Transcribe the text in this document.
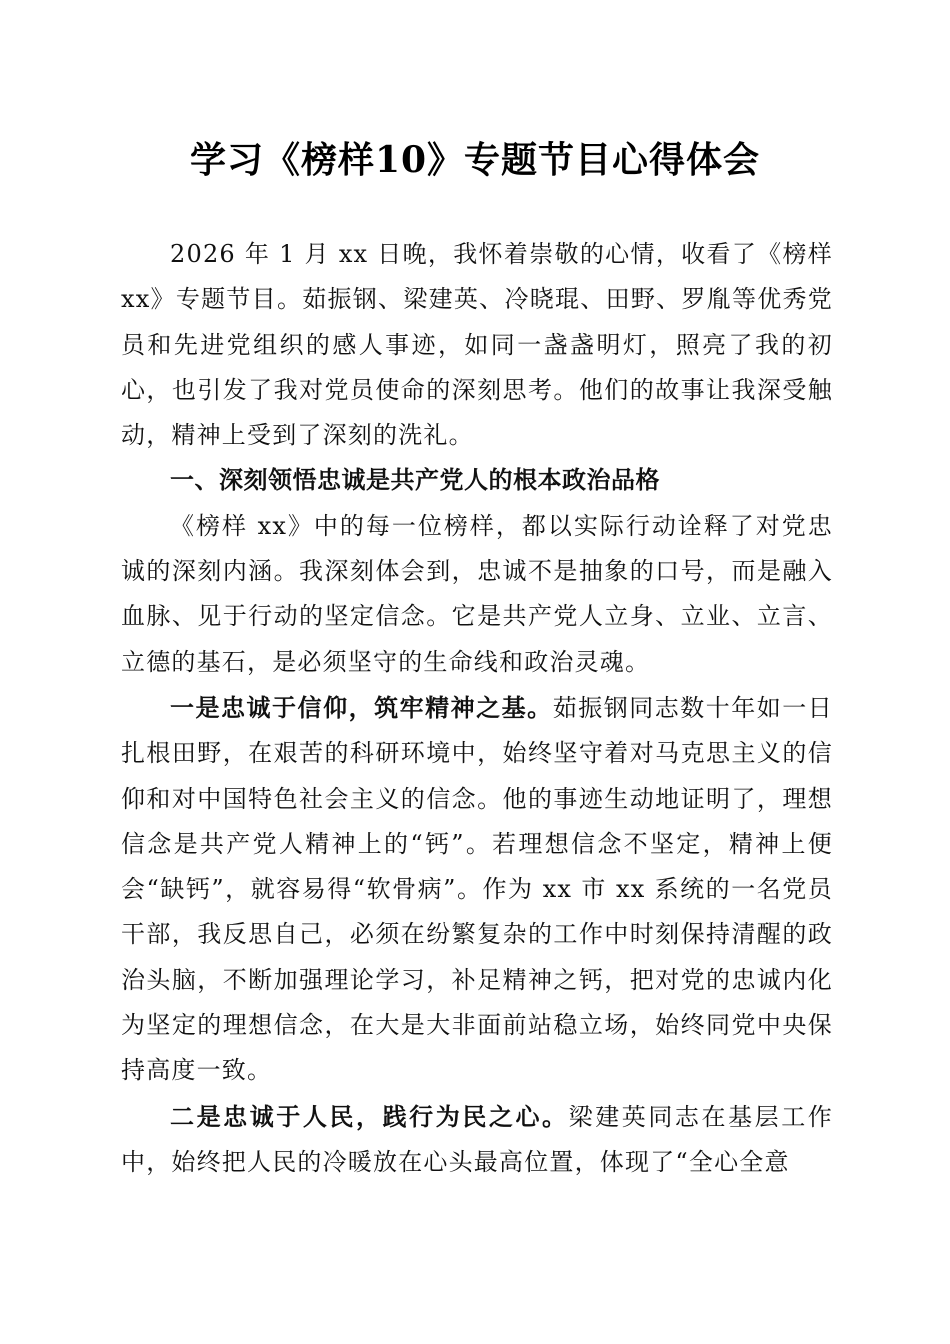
学习《榜样10》专题节目心得体会

2026 年 1 月 xx 日晚，我怀着崇敬的心情，收看了《榜样 xx》专题节目。茹振钢、梁建英、冷晓琨、田野、罗胤等优秀党员和先进党组织的感人事迹，如同一盏盏明灯，照亮了我的初心，也引发了我对党员使命的深刻思考。他们的故事让我深受触动，精神上受到了深刻的洗礼。

一、深刻领悟忠诚是共产党人的根本政治品格

《榜样 xx》中的每一位榜样，都以实际行动诠释了对党忠诚的深刻内涵。我深刻体会到，忠诚不是抽象的口号，而是融入血脉、见于行动的坚定信念。它是共产党人立身、立业、立言、立德的基石，是必须坚守的生命线和政治灵魂。

一是忠诚于信仰，筑牢精神之基。茹振钢同志数十年如一日扎根田野，在艰苦的科研环境中，始终坚守着对马克思主义的信仰和对中国特色社会主义的信念。他的事迹生动地证明了，理想信念是共产党人精神上的“钙”。若理想信念不坚定，精神上便会“缺钙”，就容易得“软骨病”。作为 xx 市 xx 系统的一名党员干部，我反思自己，必须在纷繁复杂的工作中时刻保持清醒的政治头脑，不断加强理论学习，补足精神之钙，把对党的忠诚内化为坚定的理想信念，在大是大非面前站稳立场，始终同党中央保持高度一致。

二是忠诚于人民，践行为民之心。梁建英同志在基层工作中，始终把人民的冷暖放在心头最高位置，体现了“全心全意
